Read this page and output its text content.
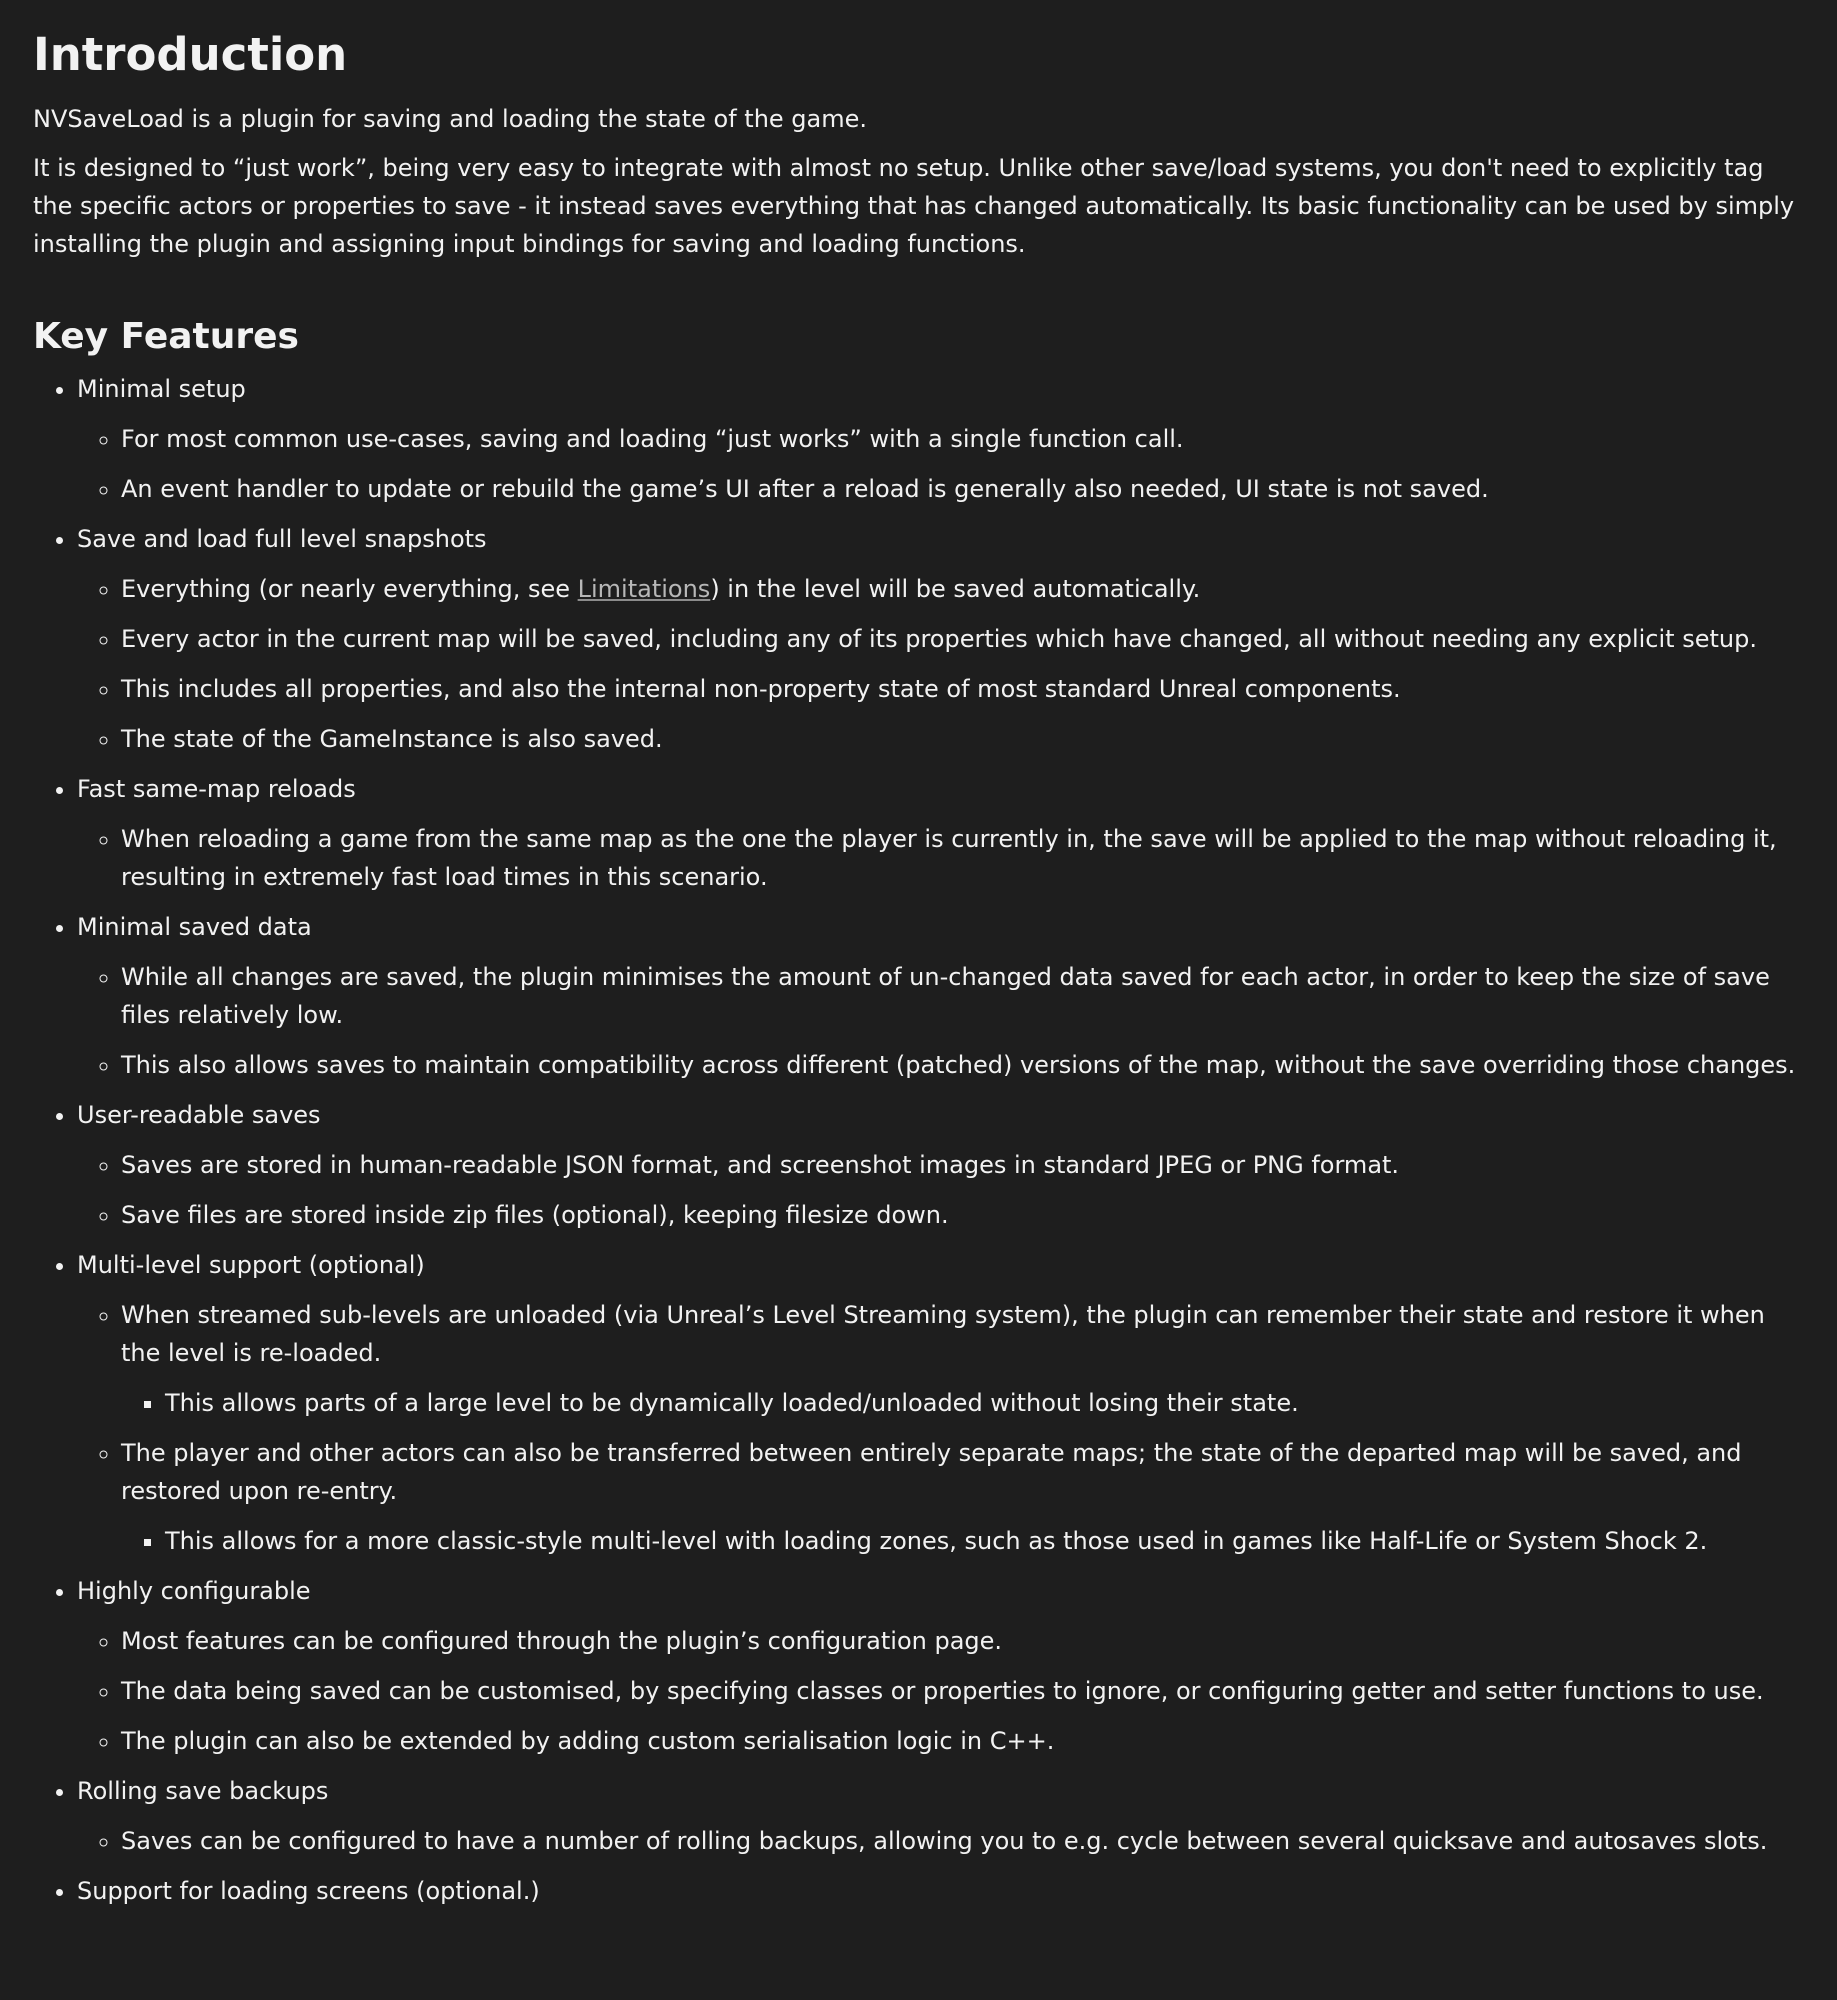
Introduction

NVSaveLoad is a plugin for saving and loading the state of the game.

It is designed to “just work”, being very easy to integrate with almost no setup. Unlike other save/load systems, you don't need to explicitly tag the specific actors or properties to save - it instead saves everything that has changed automatically. Its basic functionality can be used by simply installing the plugin and assigning input bindings for saving and loading functions.

Key Features
• Minimal setup
◦ For most common use-cases, saving and loading “just works” with a single function call.
◦ An event handler to update or rebuild the game’s UI after a reload is generally also needed, UI state is not saved.
• Save and load full level snapshots
◦ Everything (or nearly everything, see Limitations) in the level will be saved automatically.
◦ Every actor in the current map will be saved, including any of its properties which have changed, all without needing any explicit setup.
◦ This includes all properties, and also the internal non-property state of most standard Unreal components.
◦ The state of the GameInstance is also saved.
• Fast same-map reloads
◦ When reloading a game from the same map as the one the player is currently in, the save will be applied to the map without reloading it, resulting in extremely fast load times in this scenario.
• Minimal saved data
◦ While all changes are saved, the plugin minimises the amount of un-changed data saved for each actor, in order to keep the size of save files relatively low.
◦ This also allows saves to maintain compatibility across different (patched) versions of the map, without the save overriding those changes.
• User-readable saves
◦ Saves are stored in human-readable JSON format, and screenshot images in standard JPEG or PNG format.
◦ Save files are stored inside zip files (optional), keeping filesize down.
• Multi-level support (optional)
◦ When streamed sub-levels are unloaded (via Unreal’s Level Streaming system), the plugin can remember their state and restore it when the level is re-loaded.
▪ This allows parts of a large level to be dynamically loaded/unloaded without losing their state.
◦ The player and other actors can also be transferred between entirely separate maps; the state of the departed map will be saved, and restored upon re-entry.
▪ This allows for a more classic-style multi-level with loading zones, such as those used in games like Half-Life or System Shock 2.
• Highly configurable
◦ Most features can be configured through the plugin’s configuration page.
◦ The data being saved can be customised, by specifying classes or properties to ignore, or configuring getter and setter functions to use.
◦ The plugin can also be extended by adding custom serialisation logic in C++.
• Rolling save backups
◦ Saves can be configured to have a number of rolling backups, allowing you to e.g. cycle between several quicksave and autosaves slots.
• Support for loading screens (optional.)
